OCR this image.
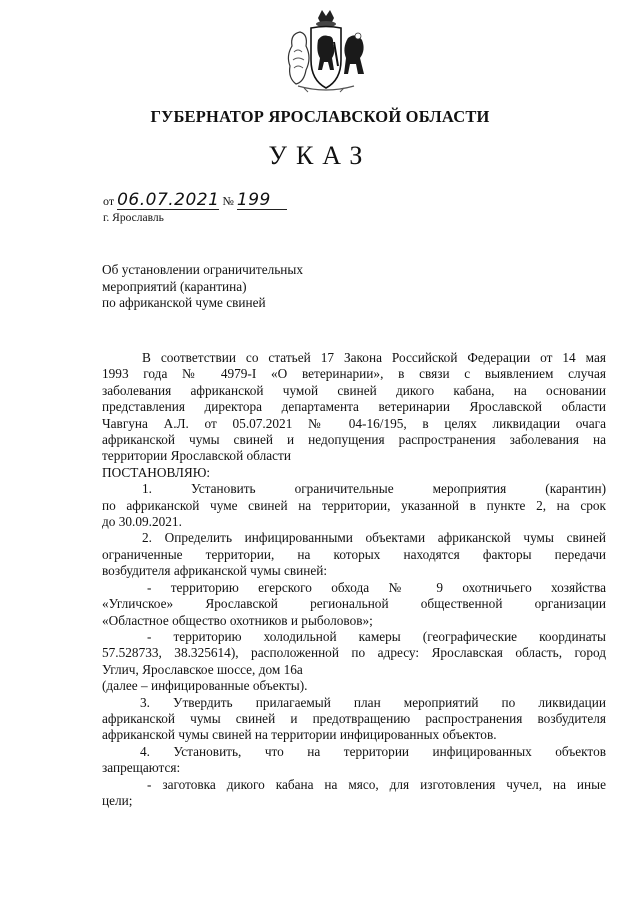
ГУБЕРНАТОР ЯРОСЛАВСКОЙ ОБЛАСТИ
УКАЗ
от 06.07.2021 № 199
г. Ярославль
Об установлении ограничительных
мероприятий (карантина)
по африканской чуме свиней
В соответствии со статьей 17 Закона Российской Федерации от 14 мая
1993 года № 4979-I «О ветеринарии», в связи с выявлением случая
заболевания африканской чумой свиней дикого кабана, на основании
представления директора департамента ветеринарии Ярославской области
Чавгуна А.Л. от 05.07.2021 № 04-16/195, в целях ликвидации очага
африканской чумы свиней и недопущения распространения заболевания на
территории Ярославской области
ПОСТАНОВЛЯЮ:
1. Установить ограничительные мероприятия (карантин)
по африканской чуме свиней на территории, указанной в пункте 2, на срок
до 30.09.2021.
2. Определить инфицированными объектами африканской чумы свиней
ограниченные территории, на которых находятся факторы передачи
возбудителя африканской чумы свиней:
- территорию егерского обхода № 9 охотничьего хозяйства
«Угличское» Ярославской региональной общественной организации
«Областное общество охотников и рыболовов»;
- территорию холодильной камеры (географические координаты
57.528733, 38.325614), расположенной по адресу: Ярославская область, город
Углич, Ярославское шоссе, дом 16а
(далее – инфицированные объекты).
3. Утвердить прилагаемый план мероприятий по ликвидации
африканской чумы свиней и предотвращению распространения возбудителя
африканской чумы свиней на территории инфицированных объектов.
4. Установить, что на территории инфицированных объектов
запрещаются:
- заготовка дикого кабана на мясо, для изготовления чучел, на иные
цели;
